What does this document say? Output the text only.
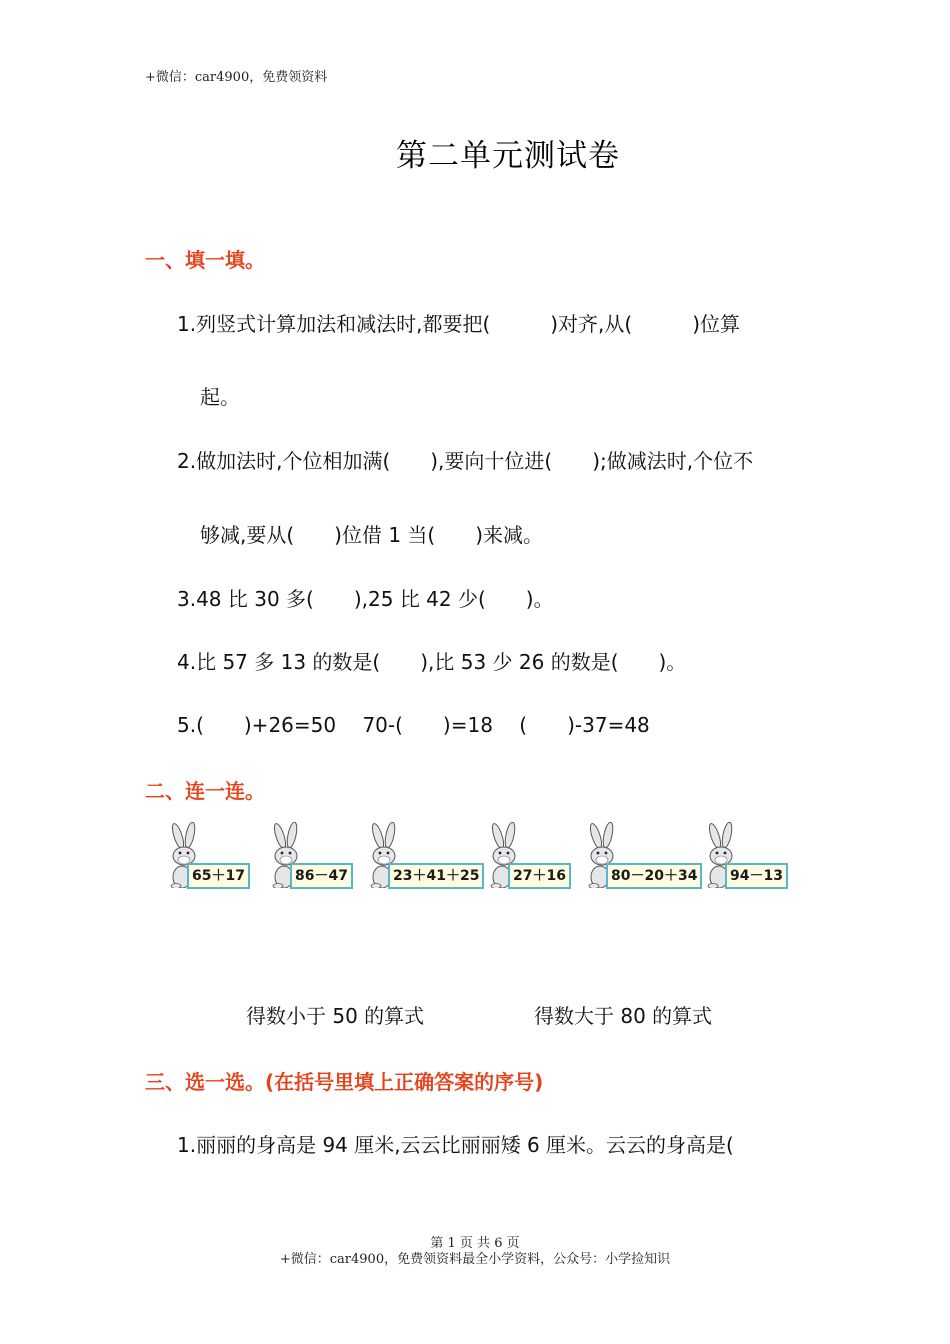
+微信：car4900，免费领资料
第二单元测试卷
一、填一填。
1.列竖式计算加法和减法时,都要把(　　　)对齐,从(　　　)位算
起。
2.做加法时,个位相加满(　　),要向十位进(　　);做减法时,个位不
够减,要从(　　)位借 1 当(　　)来减。
3.48 比 30 多(　　),25 比 42 少(　　)。
4.比 57 多 13 的数是(　　),比 53 少 26 的数是(　　)。
5.(　　)+26=50　 70-(　　)=18　 (　　)-37=48
二、连一连。
65＋17	86－47	23＋41＋25	27＋16	80－20＋34	94－13
得数小于 50 的算式	得数大于 80 的算式
三、选一选。(在括号里填上正确答案的序号)
1.丽丽的身高是 94 厘米,云云比丽丽矮 6 厘米。云云的身高是(
第 1 页 共 6 页
+微信：car4900，免费领资料最全小学资料，公众号：小学捡知识
